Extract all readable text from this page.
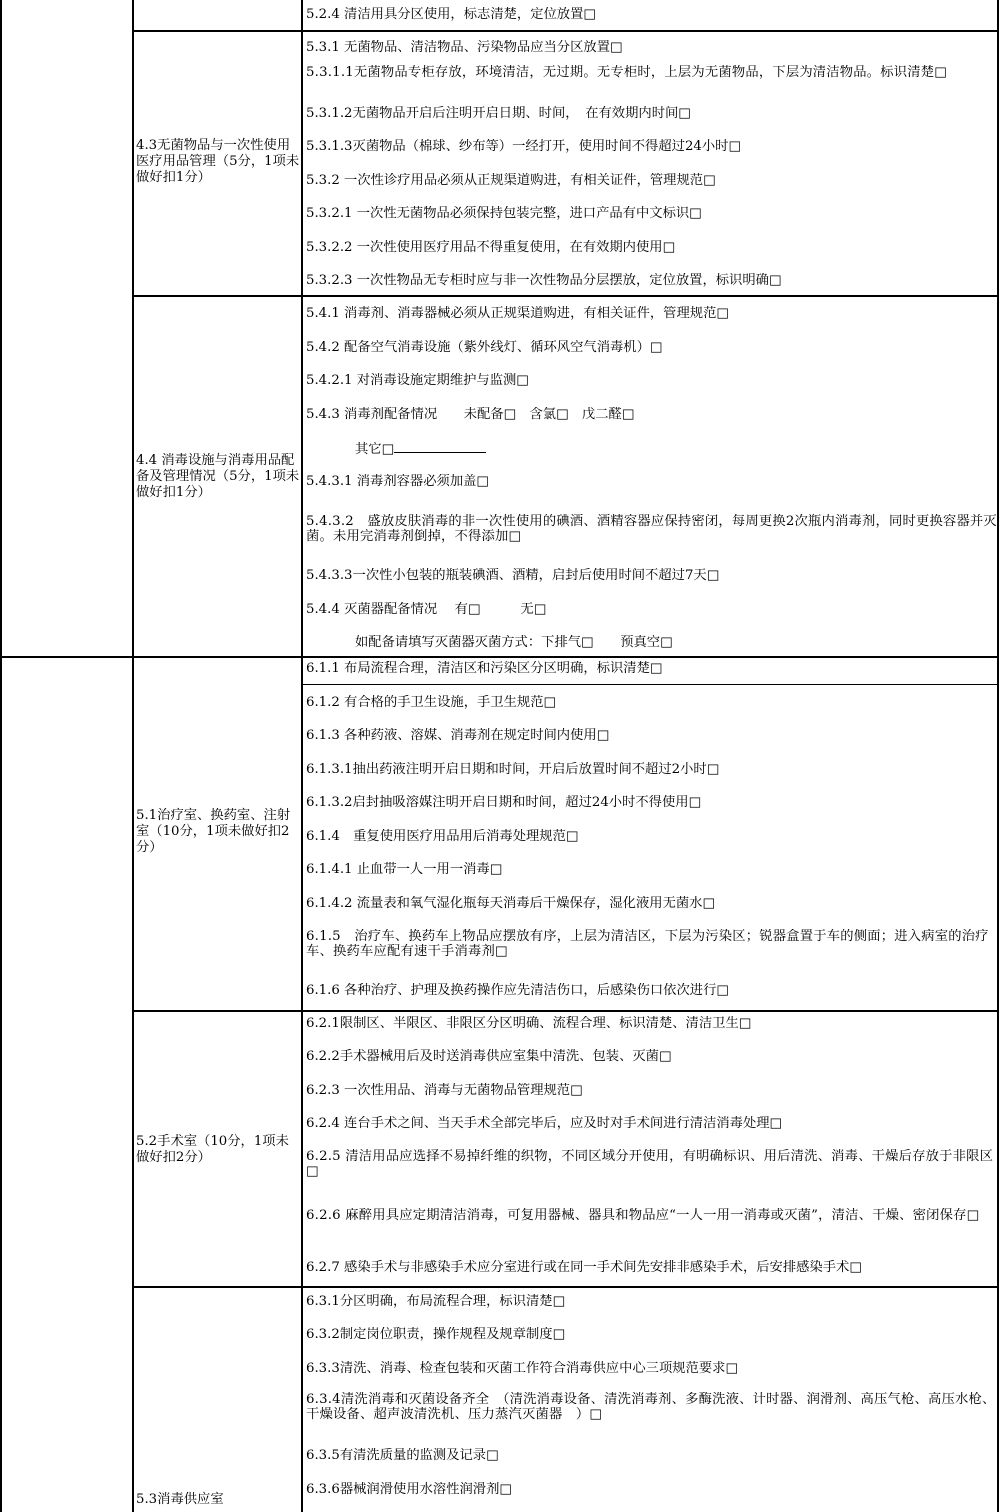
5.2.4 清洁用具分区使用，标志清楚，定位放置□
4.3无菌物品与一次性使用医疗用品管理（5分，1项未做好扣1分）
5.3.1 无菌物品、清洁物品、污染物品应当分区放置□
5.3.1.1无菌物品专柜存放，环境清洁，无过期。无专柜时，上层为无菌物品，下层为清洁物品。标识清楚□
5.3.1.2无菌物品开启后注明开启日期、时间，　在有效期内时间□
5.3.1.3灭菌物品（棉球、纱布等）一经打开，使用时间不得超过24小时□
5.3.2 一次性诊疗用品必须从正规渠道购进，有相关证件，管理规范□
5.3.2.1 一次性无菌物品必须保持包装完整，进口产品有中文标识□
5.3.2.2 一次性使用医疗用品不得重复使用，在有效期内使用□
5.3.2.3 一次性物品无专柜时应与非一次性物品分层摆放，定位放置，标识明确□
4.4 消毒设施与消毒用品配备及管理情况（5分，1项未做好扣1分）
5.4.1 消毒剂、消毒器械必须从正规渠道购进，有相关证件，管理规范□
5.4.2 配备空气消毒设施（紫外线灯、循环风空气消毒机）□
5.4.2.1 对消毒设施定期维护与监测□
5.4.3 消毒剂配备情况　　未配备□　含氯□　戊二醛□
其它□
5.4.3.1 消毒剂容器必须加盖□
5.4.3.2　盛放皮肤消毒的非一次性使用的碘酒、酒精容器应保持密闭，每周更换2次瓶内消毒剂，同时更换容器并灭菌。未用完消毒剂倒掉，不得添加□
5.4.3.3一次性小包装的瓶装碘酒、酒精，启封后使用时间不超过7天□
5.4.4 灭菌器配备情况　 有□　　　无□
如配备请填写灭菌器灭菌方式：下排气□　　预真空□
5.1治疗室、换药室、注射室（10分，1项未做好扣2分）
6.1.1 布局流程合理，清洁区和污染区分区明确，标识清楚□
6.1.2 有合格的手卫生设施，手卫生规范□
6.1.3 各种药液、溶媒、消毒剂在规定时间内使用□
6.1.3.1抽出药液注明开启日期和时间，开启后放置时间不超过2小时□
6.1.3.2启封抽吸溶媒注明开启日期和时间，超过24小时不得使用□
6.1.4　重复使用医疗用品用后消毒处理规范□
6.1.4.1 止血带一人一用一消毒□
6.1.4.2 流量表和氧气湿化瓶每天消毒后干燥保存，湿化液用无菌水□
6.1.5　治疗车、换药车上物品应摆放有序，上层为清洁区，下层为污染区；锐器盒置于车的侧面；进入病室的治疗车、换药车应配有速干手消毒剂□
6.1.6 各种治疗、护理及换药操作应先清洁伤口，后感染伤口依次进行□
5.2手术室（10分，1项未做好扣2分）
6.2.1限制区、半限区、非限区分区明确、流程合理、标识清楚、清洁卫生□
6.2.2手术器械用后及时送消毒供应室集中清洗、包装、灭菌□
6.2.3 一次性用品、消毒与无菌物品管理规范□
6.2.4 连台手术之间、当天手术全部完毕后，应及时对手术间进行清洁消毒处理□
6.2.5 清洁用品应选择不易掉纤维的织物，不同区域分开使用，有明确标识、用后清洗、消毒、干燥后存放于非限区□
6.2.6 麻醉用具应定期清洁消毒，可复用器械、器具和物品应“一人一用一消毒或灭菌”，清洁、干燥、密闭保存□
6.2.7 感染手术与非感染手术应分室进行或在同一手术间先安排非感染手术，后安排感染手术□
5.3消毒供应室
6.3.1分区明确，布局流程合理，标识清楚□
6.3.2制定岗位职责，操作规程及规章制度□
6.3.3清洗、消毒、检查包装和灭菌工作符合消毒供应中心三项规范要求□
6.3.4清洗消毒和灭菌设备齐全　（清洗消毒设备、清洗消毒剂、多酶洗液、计时器、润滑剂、高压气枪、高压水枪、干燥设备、超声波清洗机、压力蒸汽灭菌器　）□
6.3.5有清洗质量的监测及记录□
6.3.6器械润滑使用水溶性润滑剂□
